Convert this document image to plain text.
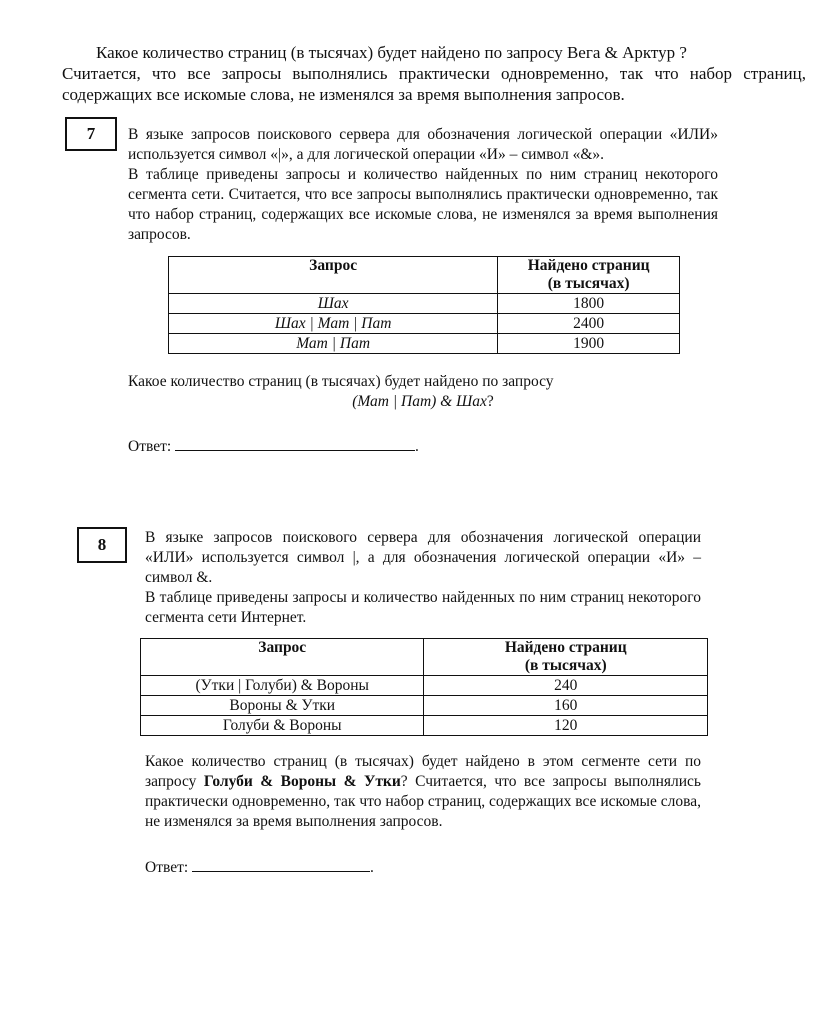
Какое количество страниц (в тысячах) будет найдено по запросу Вега & Арктур ?

Считается, что все запросы выполнялись практически одновременно, так что набор страниц, содержащих все искомые слова, не изменялся за время выполнения запросов.

7	В языке запросов поискового сервера для обозначения логической операции «ИЛИ» используется символ «|», а для логической операции «И» – символ «&».

В таблице приведены запросы и количество найденных по ним страниц некоторого сегмента сети. Считается, что все запросы выполнялись практически одновременно, так что набор страниц, содержащих все искомые слова, не изменялся за время выполнения запросов.

Запрос	Найдено страниц
(в тысячах)

Шах	1800
Шах | Мат | Пат	2400
Мат | Пат	1900

Какое количество страниц (в тысячах) будет найдено по запросу

(Мат | Пат) & Шах?

Ответ:	.
8	В языке запросов поискового сервера для обозначения логической операции «ИЛИ» используется символ |, а для обозначения логической операции «И» – символ &.

В таблице приведены запросы и количество найденных по ним страниц некоторого сегмента сети Интернет.

Запрос	Найдено страниц
(в тысячах)

(Утки | Голуби) & Вороны	240
Вороны & Утки	160
Голуби & Вороны	120

Какое количество страниц (в тысячах) будет найдено в этом сегменте сети по запросу Голуби & Вороны & Утки? Считается, что все запросы выполнялись практически одновременно, так что набор страниц, содержащих все искомые слова, не изменялся за время выполнения запросов.

Ответ:	.
